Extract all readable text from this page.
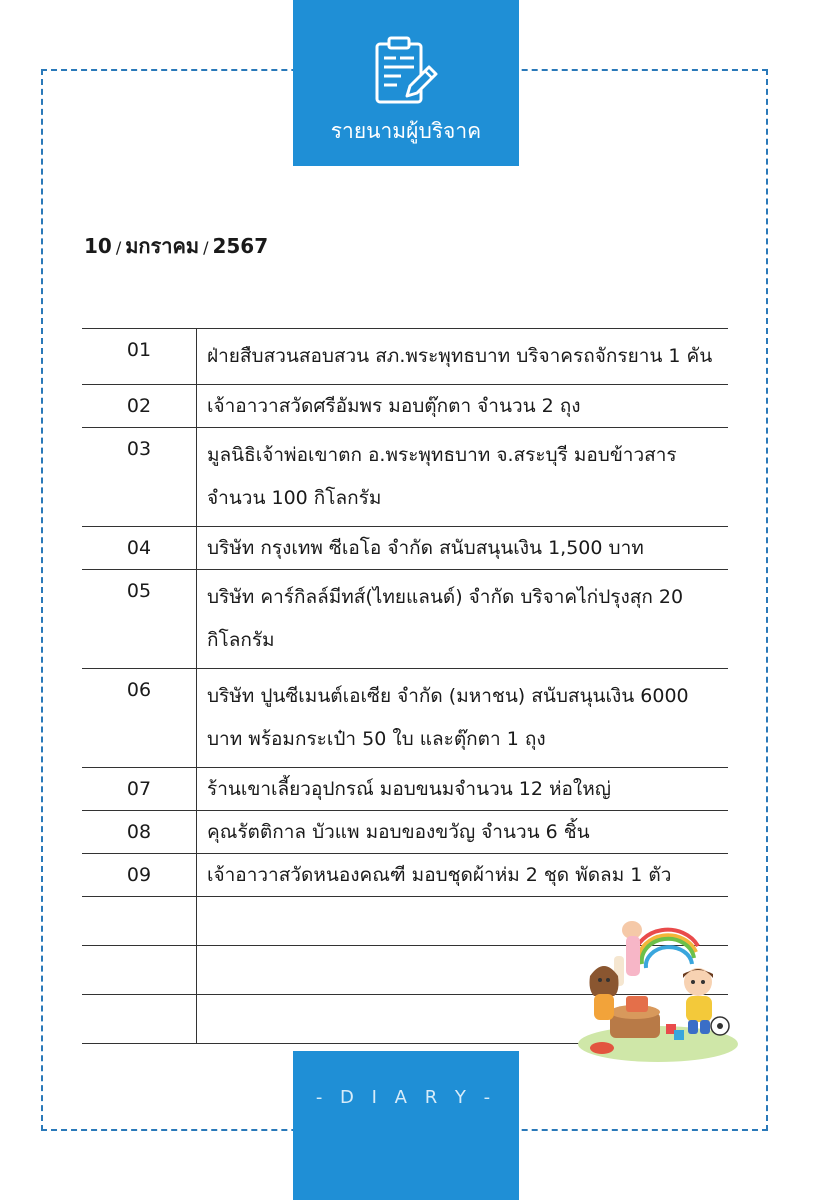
รายนามผู้บริจาค
10 / มกราคม / 2567
01	ฝ่ายสืบสวนสอบสวน สภ.พระพุทธบาท บริจาครถจักรยาน 1 คัน
02	เจ้าอาวาสวัดศรีอัมพร มอบตุ๊กตา จำนวน 2 ถุง
03	มูลนิธิเจ้าพ่อเขาตก อ.พระพุทธบาท จ.สระบุรี มอบข้าวสาร จำนวน 100 กิโลกรัม
04	บริษัท กรุงเทพ ซีเอโอ จำกัด สนับสนุนเงิน 1,500 บาท
05	บริษัท คาร์กิลล์มีทส์(ไทยแลนด์) จำกัด บริจาคไก่ปรุงสุก 20 กิโลกรัม
06	บริษัท ปูนซีเมนต์เอเซีย จำกัด (มหาชน) สนับสนุนเงิน 6000 บาท พร้อมกระเป๋า 50 ใบ และตุ๊กตา 1 ถุง
07	ร้านเขาเลี้ยวอุปกรณ์ มอบขนมจำนวน 12 ห่อใหญ่
08	คุณรัตติกาล บัวแพ มอบของขวัญ จำนวน 6 ชิ้น
09	เจ้าอาวาสวัดหนองคณฑี มอบชุดผ้าห่ม 2 ชุด พัดลม 1 ตัว

- D I A R Y -
